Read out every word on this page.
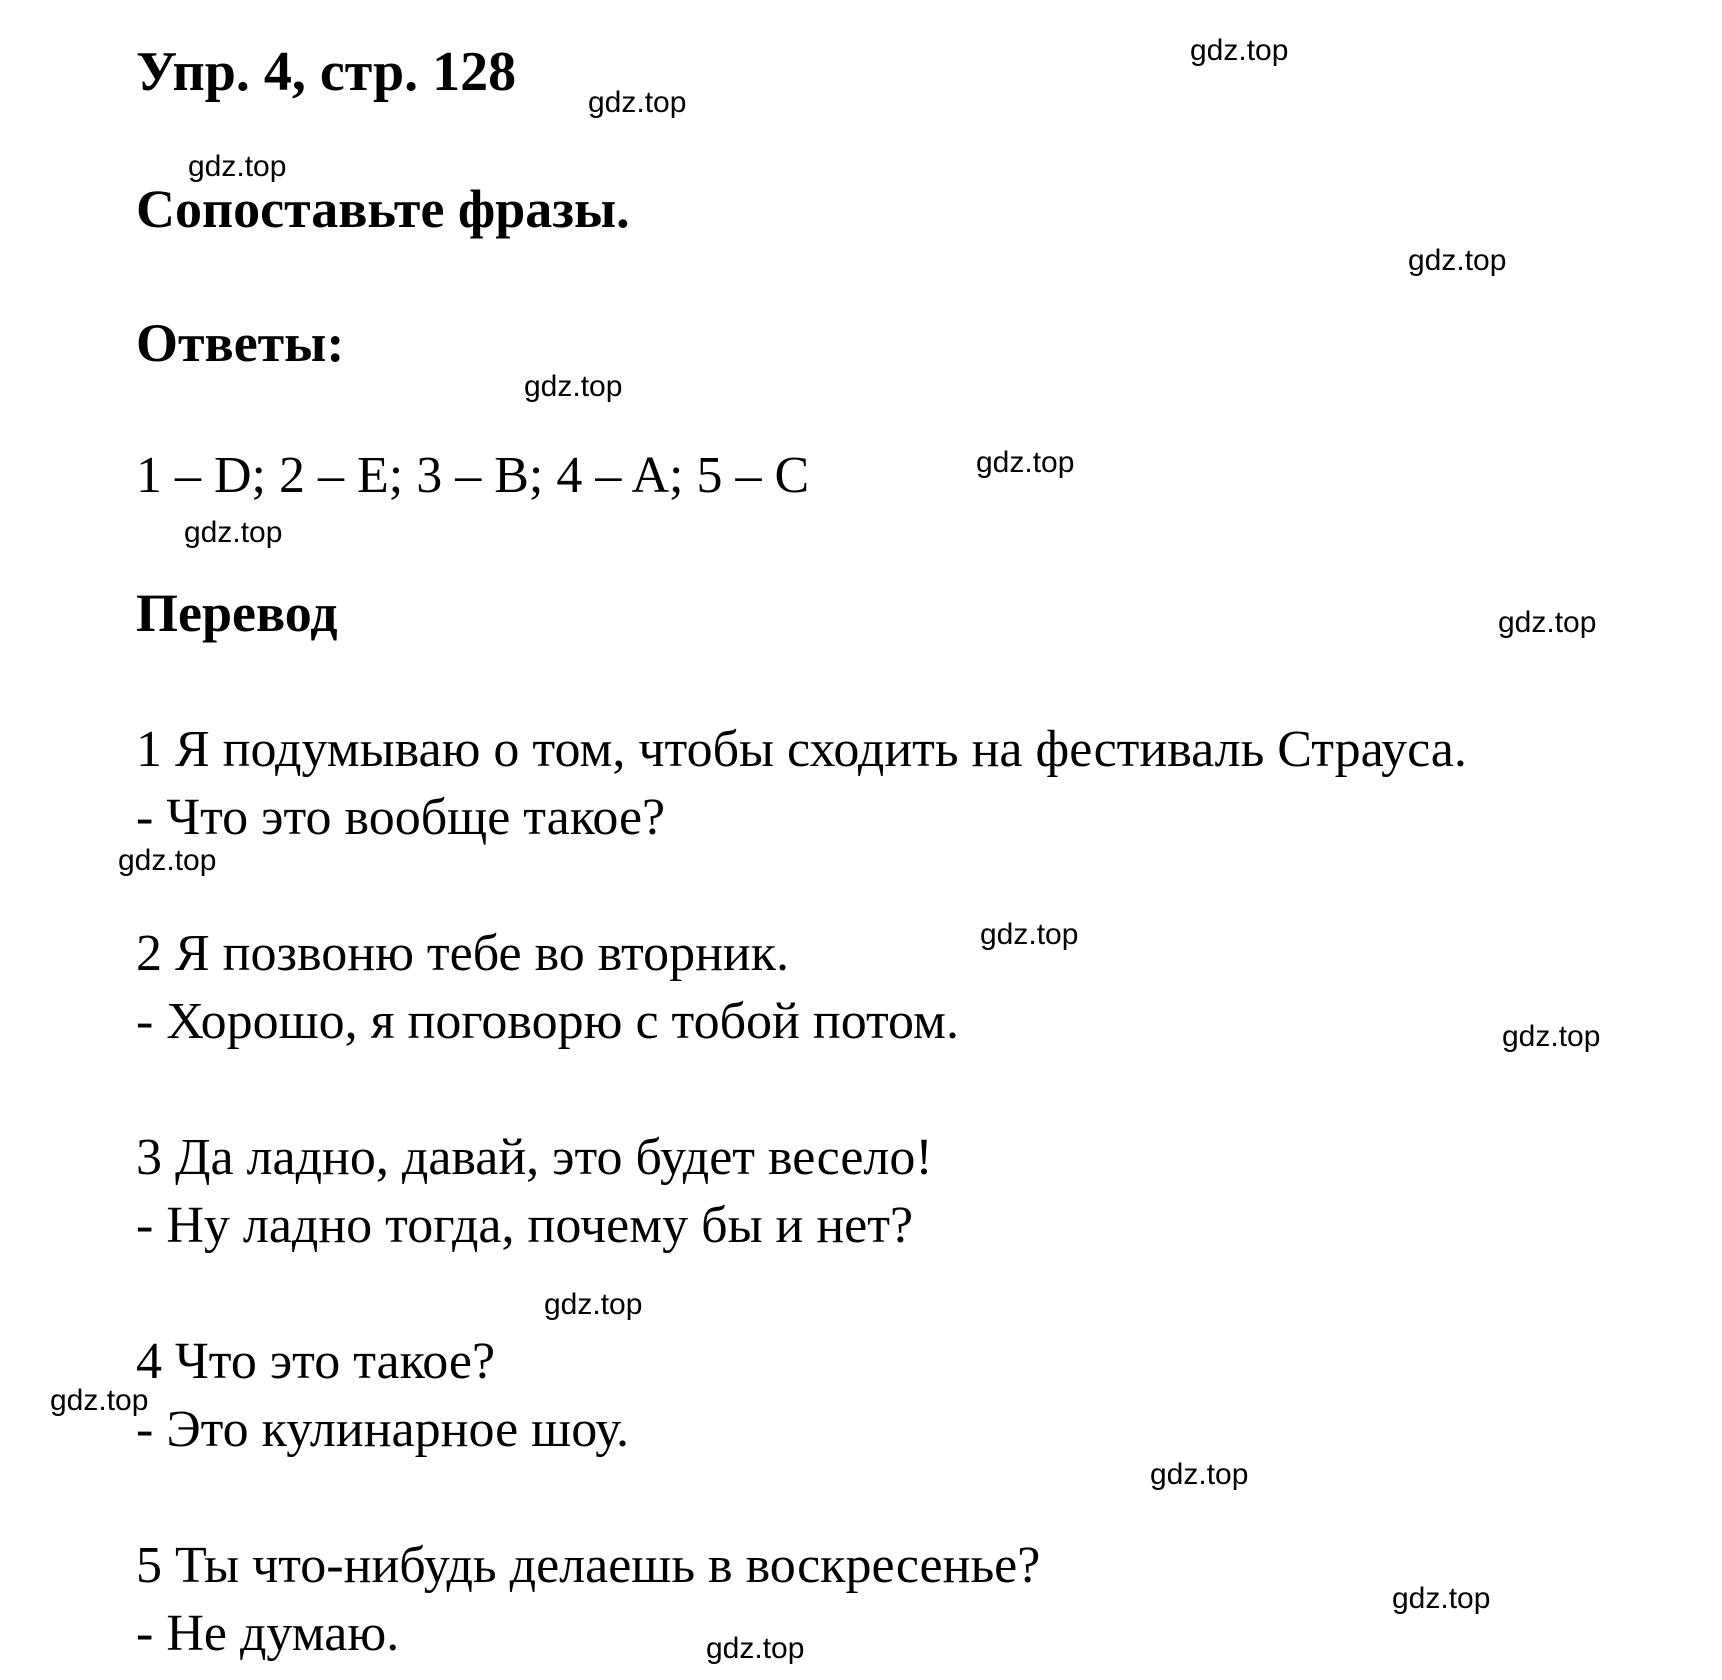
Упр. 4, стр. 128
Сопоставьте фразы.
Ответы:

1 – D; 2 – E; 3 – B; 4 – A; 5 – C

Перевод

1 Я подумываю о том, чтобы сходить на фестиваль Страуса.

- Что это вообще такое?

2 Я позвоню тебе во вторник.

- Хорошо, я поговорю с тобой потом.

3 Да ладно, давай, это будет весело!

- Ну ладно тогда, почему бы и нет?

4 Что это такое?

- Это кулинарное шоу.

5 Ты что-нибудь делаешь в воскресенье?

- Не думаю.

gdz.top
gdz.top
gdz.top
gdz.top
gdz.top
gdz.top
gdz.top
gdz.top
gdz.top
gdz.top
gdz.top
gdz.top
gdz.top
gdz.top
gdz.top
gdz.top
